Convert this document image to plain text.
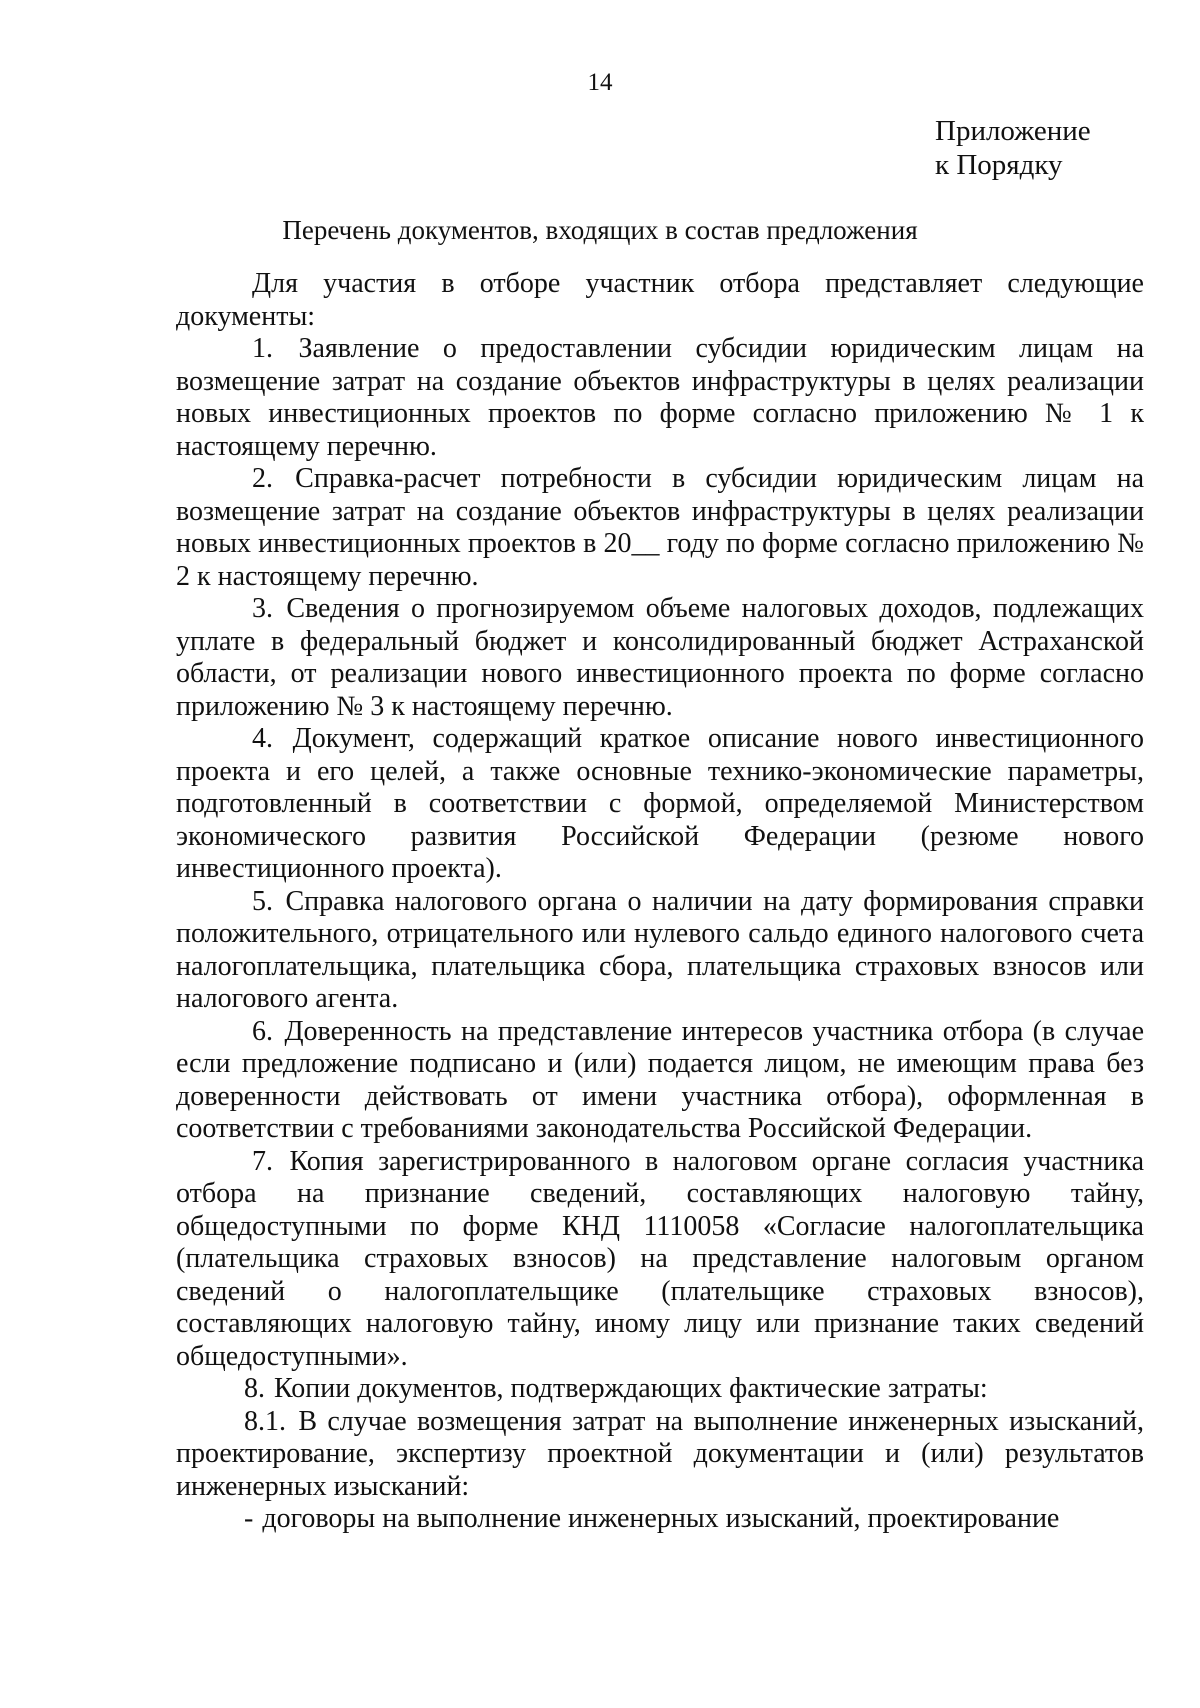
14
Приложение
к Порядку
Перечень документов, входящих в состав предложения

Для участия в отборе участник отбора представляет следующие документы:

1. Заявление о предоставлении субсидии юридическим лицам на возмещение затрат на создание объектов инфраструктуры в целях реализации новых инвестиционных проектов по форме согласно приложению № 1 к настоящему перечню.

2. Справка-расчет потребности в субсидии юридическим лицам на возмещение затрат на создание объектов инфраструктуры в целях реализации новых инвестиционных проектов в 20__ году по форме согласно приложению № 2 к настоящему перечню.

3. Сведения о прогнозируемом объеме налоговых доходов, подлежащих уплате в федеральный бюджет и консолидированный бюджет Астраханской области, от реализации нового инвестиционного проекта по форме согласно приложению № 3 к настоящему перечню.

4. Документ, содержащий краткое описание нового инвестиционного проекта и его целей, а также основные технико-экономические параметры, подготовленный в соответствии с формой, определяемой Министерством экономического развития Российской Федерации (резюме нового инвестиционного проекта).

5. Справка налогового органа о наличии на дату формирования справки положительного, отрицательного или нулевого сальдо единого налогового счета налогоплательщика, плательщика сбора, плательщика страховых взносов или налогового агента.

6. Доверенность на представление интересов участника отбора (в случае если предложение подписано и (или) подается лицом, не имеющим права без доверенности действовать от имени участника отбора), оформленная в соответствии с требованиями законодательства Российской Федерации.

7. Копия зарегистрированного в налоговом органе согласия участника отбора на признание сведений, составляющих налоговую тайну, общедоступными по форме КНД 1110058 «Согласие налогоплательщика (плательщика страховых взносов) на представление налоговым органом сведений о налогоплательщике (плательщике страховых взносов), составляющих налоговую тайну, иному лицу или признание таких сведений общедоступными».

8. Копии документов, подтверждающих фактические затраты:

8.1. В случае возмещения затрат на выполнение инженерных изысканий, проектирование, экспертизу проектной документации и (или) результатов инженерных изысканий:

- договоры на выполнение инженерных изысканий, проектирование
